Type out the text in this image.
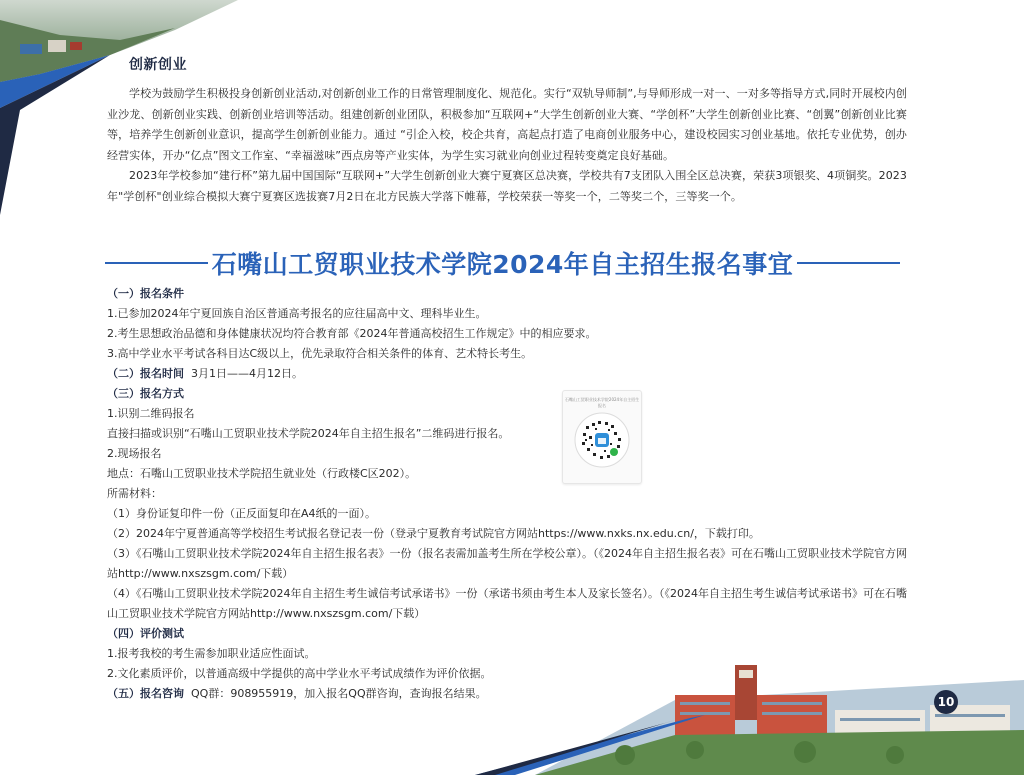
创新创业

学校为鼓励学生积极投身创新创业活动,对创新创业工作的日常管理制度化、规范化。实行“双轨导师制”,与导师形成一对一、一对多等指导方式,同时开展校内创业沙龙、创新创业实践、创新创业培训等活动。组建创新创业团队，积极参加“互联网+“大学生创新创业大赛、“学创杯”大学生创新创业比赛、“创翼”创新创业比赛等，培养学生创新创业意识，提高学生创新创业能力。通过 “引企入校，校企共育，高起点打造了电商创业服务中心，建设校园实习创业基地。依托专业优势，创办经营实体，开办“亿点”图文工作室、“幸福滋味”西点房等产业实体，为学生实习就业向创业过程转变奠定良好基础。

2023年学校参加“建行杯”第九届中国国际“互联网+”大学生创新创业大赛宁夏赛区总决赛，学校共有7支团队入围全区总决赛，荣获3项银奖、4项铜奖。2023年"学创杯"创业综合模拟大赛宁夏赛区选拔赛7月2日在北方民族大学落下帷幕，学校荣获一等奖一个，二等奖二个，三等奖一个。

石嘴山工贸职业技术学院2024年自主招生报名事宜

（一）报名条件

1.已参加2024年宁夏回族自治区普通高考报名的应往届高中文、理科毕业生。

2.考生思想政治品德和身体健康状况均符合教育部《2024年普通高校招生工作规定》中的相应要求。

3.高中学业水平考试各科目达C级以上，优先录取符合相关条件的体育、艺术特长考生。

（二）报名时间 3月1日——4月12日。

（三）报名方式

1.识别二维码报名

直接扫描或识别“石嘴山工贸职业技术学院2024年自主招生报名”二维码进行报名。

2.现场报名

地点：石嘴山工贸职业技术学院招生就业处（行政楼C区202）。

所需材料：

（1）身份证复印件一份（正反面复印在A4纸的一面）。

（2）2024年宁夏普通高等学校招生考试报名登记表一份（登录宁夏教育考试院官方网站https://www.nxks.nx.edu.cn/，下载打印。

（3）《石嘴山工贸职业技术学院2024年自主招生报名表》一份（报名表需加盖考生所在学校公章）。（《2024年自主招生报名表》可在石嘴山工贸职业技术学院官方网站http://www.nxszsgm.com/下载）

（4）《石嘴山工贸职业技术学院2024年自主招生考生诚信考试承诺书》一份（承诺书须由考生本人及家长签名）。（《2024年自主招生考生诚信考试承诺书》可在石嘴山工贸职业技术学院官方网站http://www.nxszsgm.com/下载）

（四）评价测试

1.报考我校的考生需参加职业适应性面试。

2.文化素质评价，以普通高级中学提供的高中学业水平考试成绩作为评价依据。

（五）报名咨询 QQ群：908955919，加入报名QQ群咨询，查询报名结果。

石嘴山工贸职业技术学院2024年自主招生报名
10
